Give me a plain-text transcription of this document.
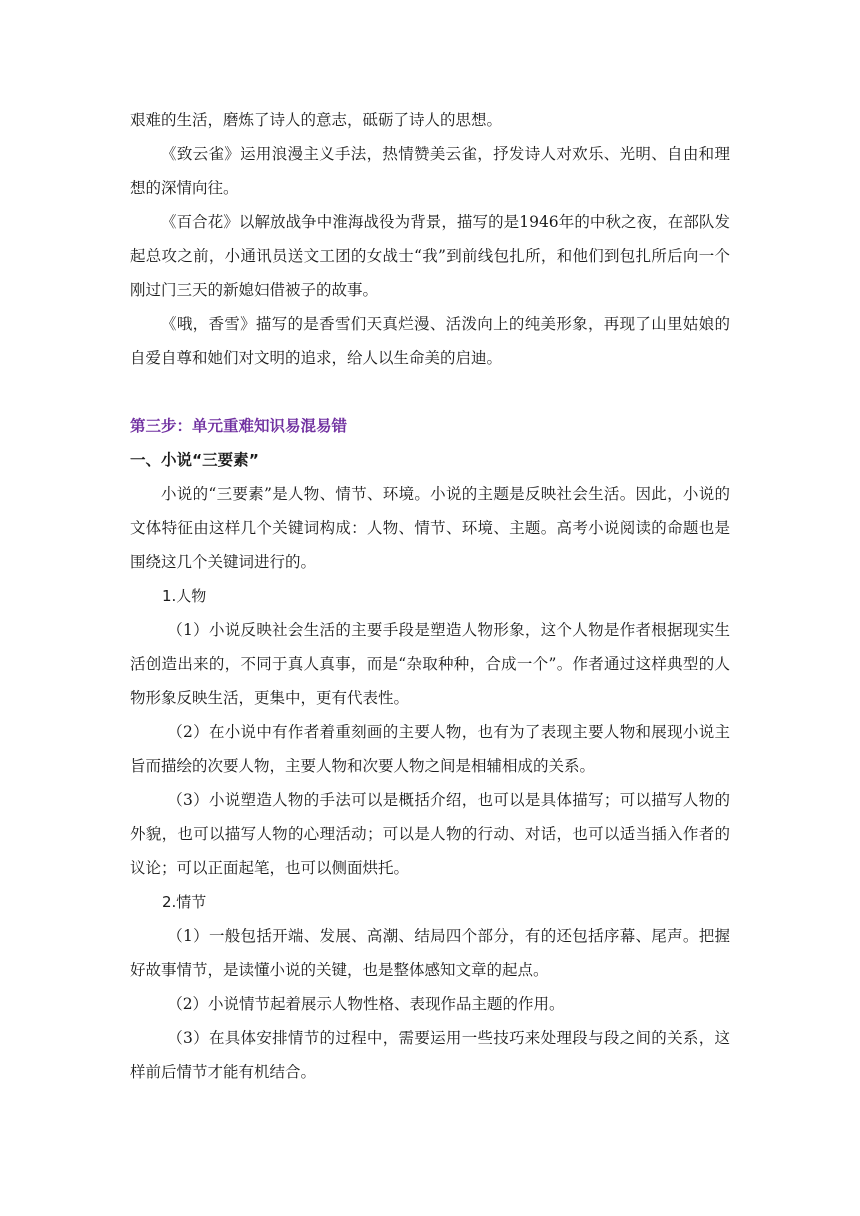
艰难的生活，磨炼了诗人的意志，砥砺了诗人的思想。

《致云雀》运用浪漫主义手法，热情赞美云雀，抒发诗人对欢乐、光明、自由和理想的深情向往。

《百合花》以解放战争中淮海战役为背景，描写的是1946年的中秋之夜，在部队发起总攻之前，小通讯员送文工团的女战士“我”到前线包扎所，和他们到包扎所后向一个刚过门三天的新媳妇借被子的故事。

《哦，香雪》描写的是香雪们天真烂漫、活泼向上的纯美形象，再现了山里姑娘的自爱自尊和她们对文明的追求，给人以生命美的启迪。

第三步：单元重难知识易混易错

一、小说“三要素”

小说的“三要素”是人物、情节、环境。小说的主题是反映社会生活。因此，小说的文体特征由这样几个关键词构成：人物、情节、环境、主题。高考小说阅读的命题也是围绕这几个关键词进行的。

1.人物

（1）小说反映社会生活的主要手段是塑造人物形象，这个人物是作者根据现实生活创造出来的，不同于真人真事，而是“杂取种种，合成一个”。作者通过这样典型的人物形象反映生活，更集中，更有代表性。

（2）在小说中有作者着重刻画的主要人物，也有为了表现主要人物和展现小说主旨而描绘的次要人物，主要人物和次要人物之间是相辅相成的关系。

（3）小说塑造人物的手法可以是概括介绍，也可以是具体描写；可以描写人物的外貌，也可以描写人物的心理活动；可以是人物的行动、对话，也可以适当插入作者的议论；可以正面起笔，也可以侧面烘托。

2.情节

（1）一般包括开端、发展、高潮、结局四个部分，有的还包括序幕、尾声。把握好故事情节，是读懂小说的关键，也是整体感知文章的起点。

（2）小说情节起着展示人物性格、表现作品主题的作用。

（3）在具体安排情节的过程中，需要运用一些技巧来处理段与段之间的关系，这样前后情节才能有机结合。
